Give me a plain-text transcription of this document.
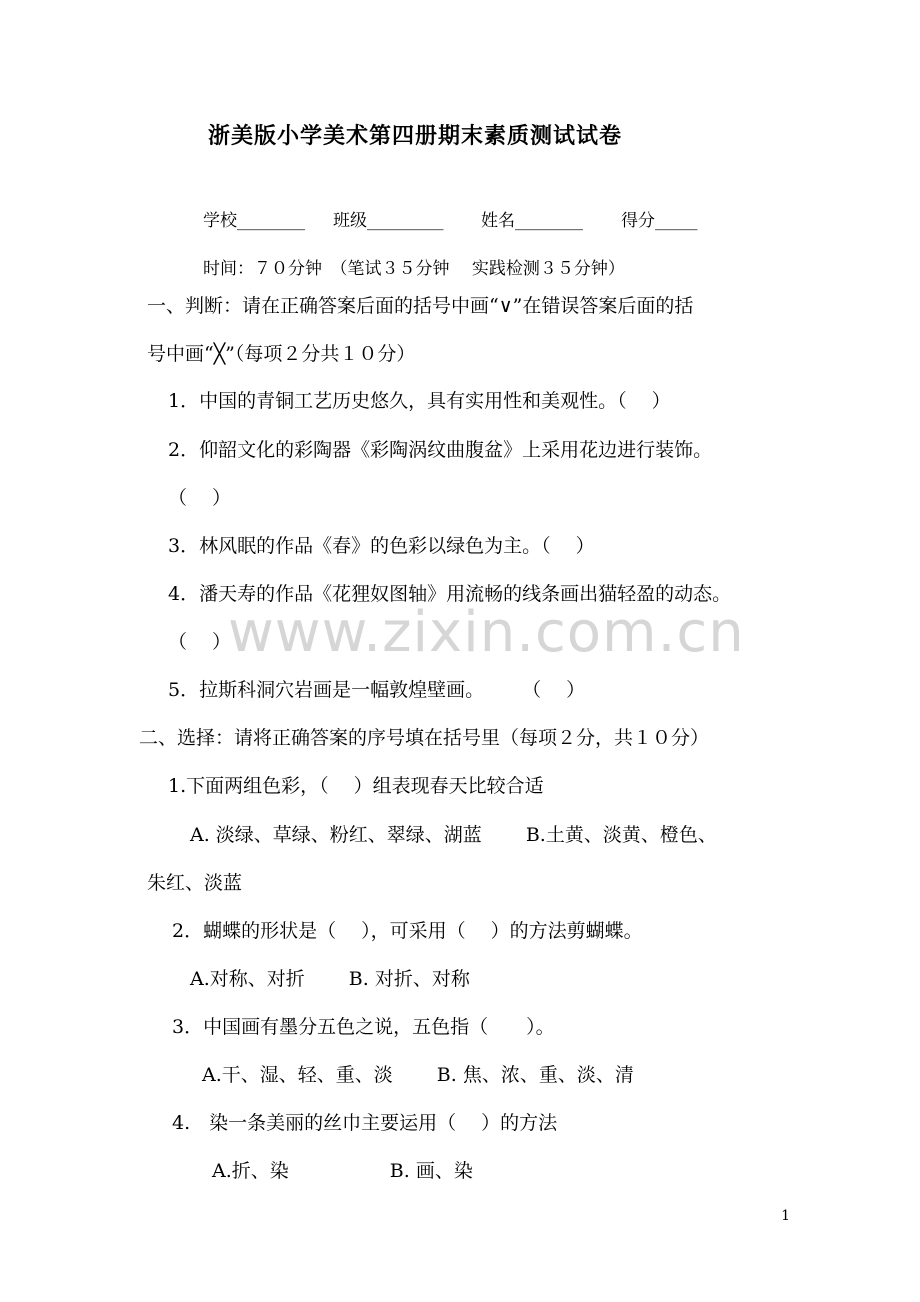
浙美版小学美术第四册期末素质测试试卷
学校________ 班级_________ 姓名________ 得分_____
时间：７０分钟　（笔试３５分钟　 实践检测３５分钟）
一、判断：请在正确答案后面的括号中画“∨”在错误答案后面的括
号中画“╳”（每项２分共１０分）
1．中国的青铜工艺历史悠久，具有实用性和美观性。（　 ）
2．仰韶文化的彩陶器《彩陶涡纹曲腹盆》上采用花边进行装饰。
（　 ）
3．林风眠的作品《春》的色彩以绿色为主。（　 ）
4．潘天寿的作品《花狸奴图轴》用流畅的线条画出猫轻盈的动态。
（　 ）
5．拉斯科洞穴岩画是一幅敦煌壁画。　　　（　 ）
二、选择：请将正确答案的序号填在括号里（每项２分，共１０分）
1.下面两组色彩，（　 ）组表现春天比较合适
A. 淡绿、草绿、粉红、翠绿、湖蓝　　 B.土黄、淡黄、橙色、
朱红、淡蓝
2．蝴蝶的形状是（　 ），可采用（　 ）的方法剪蝴蝶。
A.对称、对折　　 B. 对折、对称
3．中国画有墨分五色之说，五色指（　　）。
A.干、湿、轻、重、淡　　 B. 焦、浓、重、淡、清
4.　染一条美丽的丝巾主要运用（　 ）的方法
A.折、染　　　　　 B. 画、染
www.zixin.com.cn
1
